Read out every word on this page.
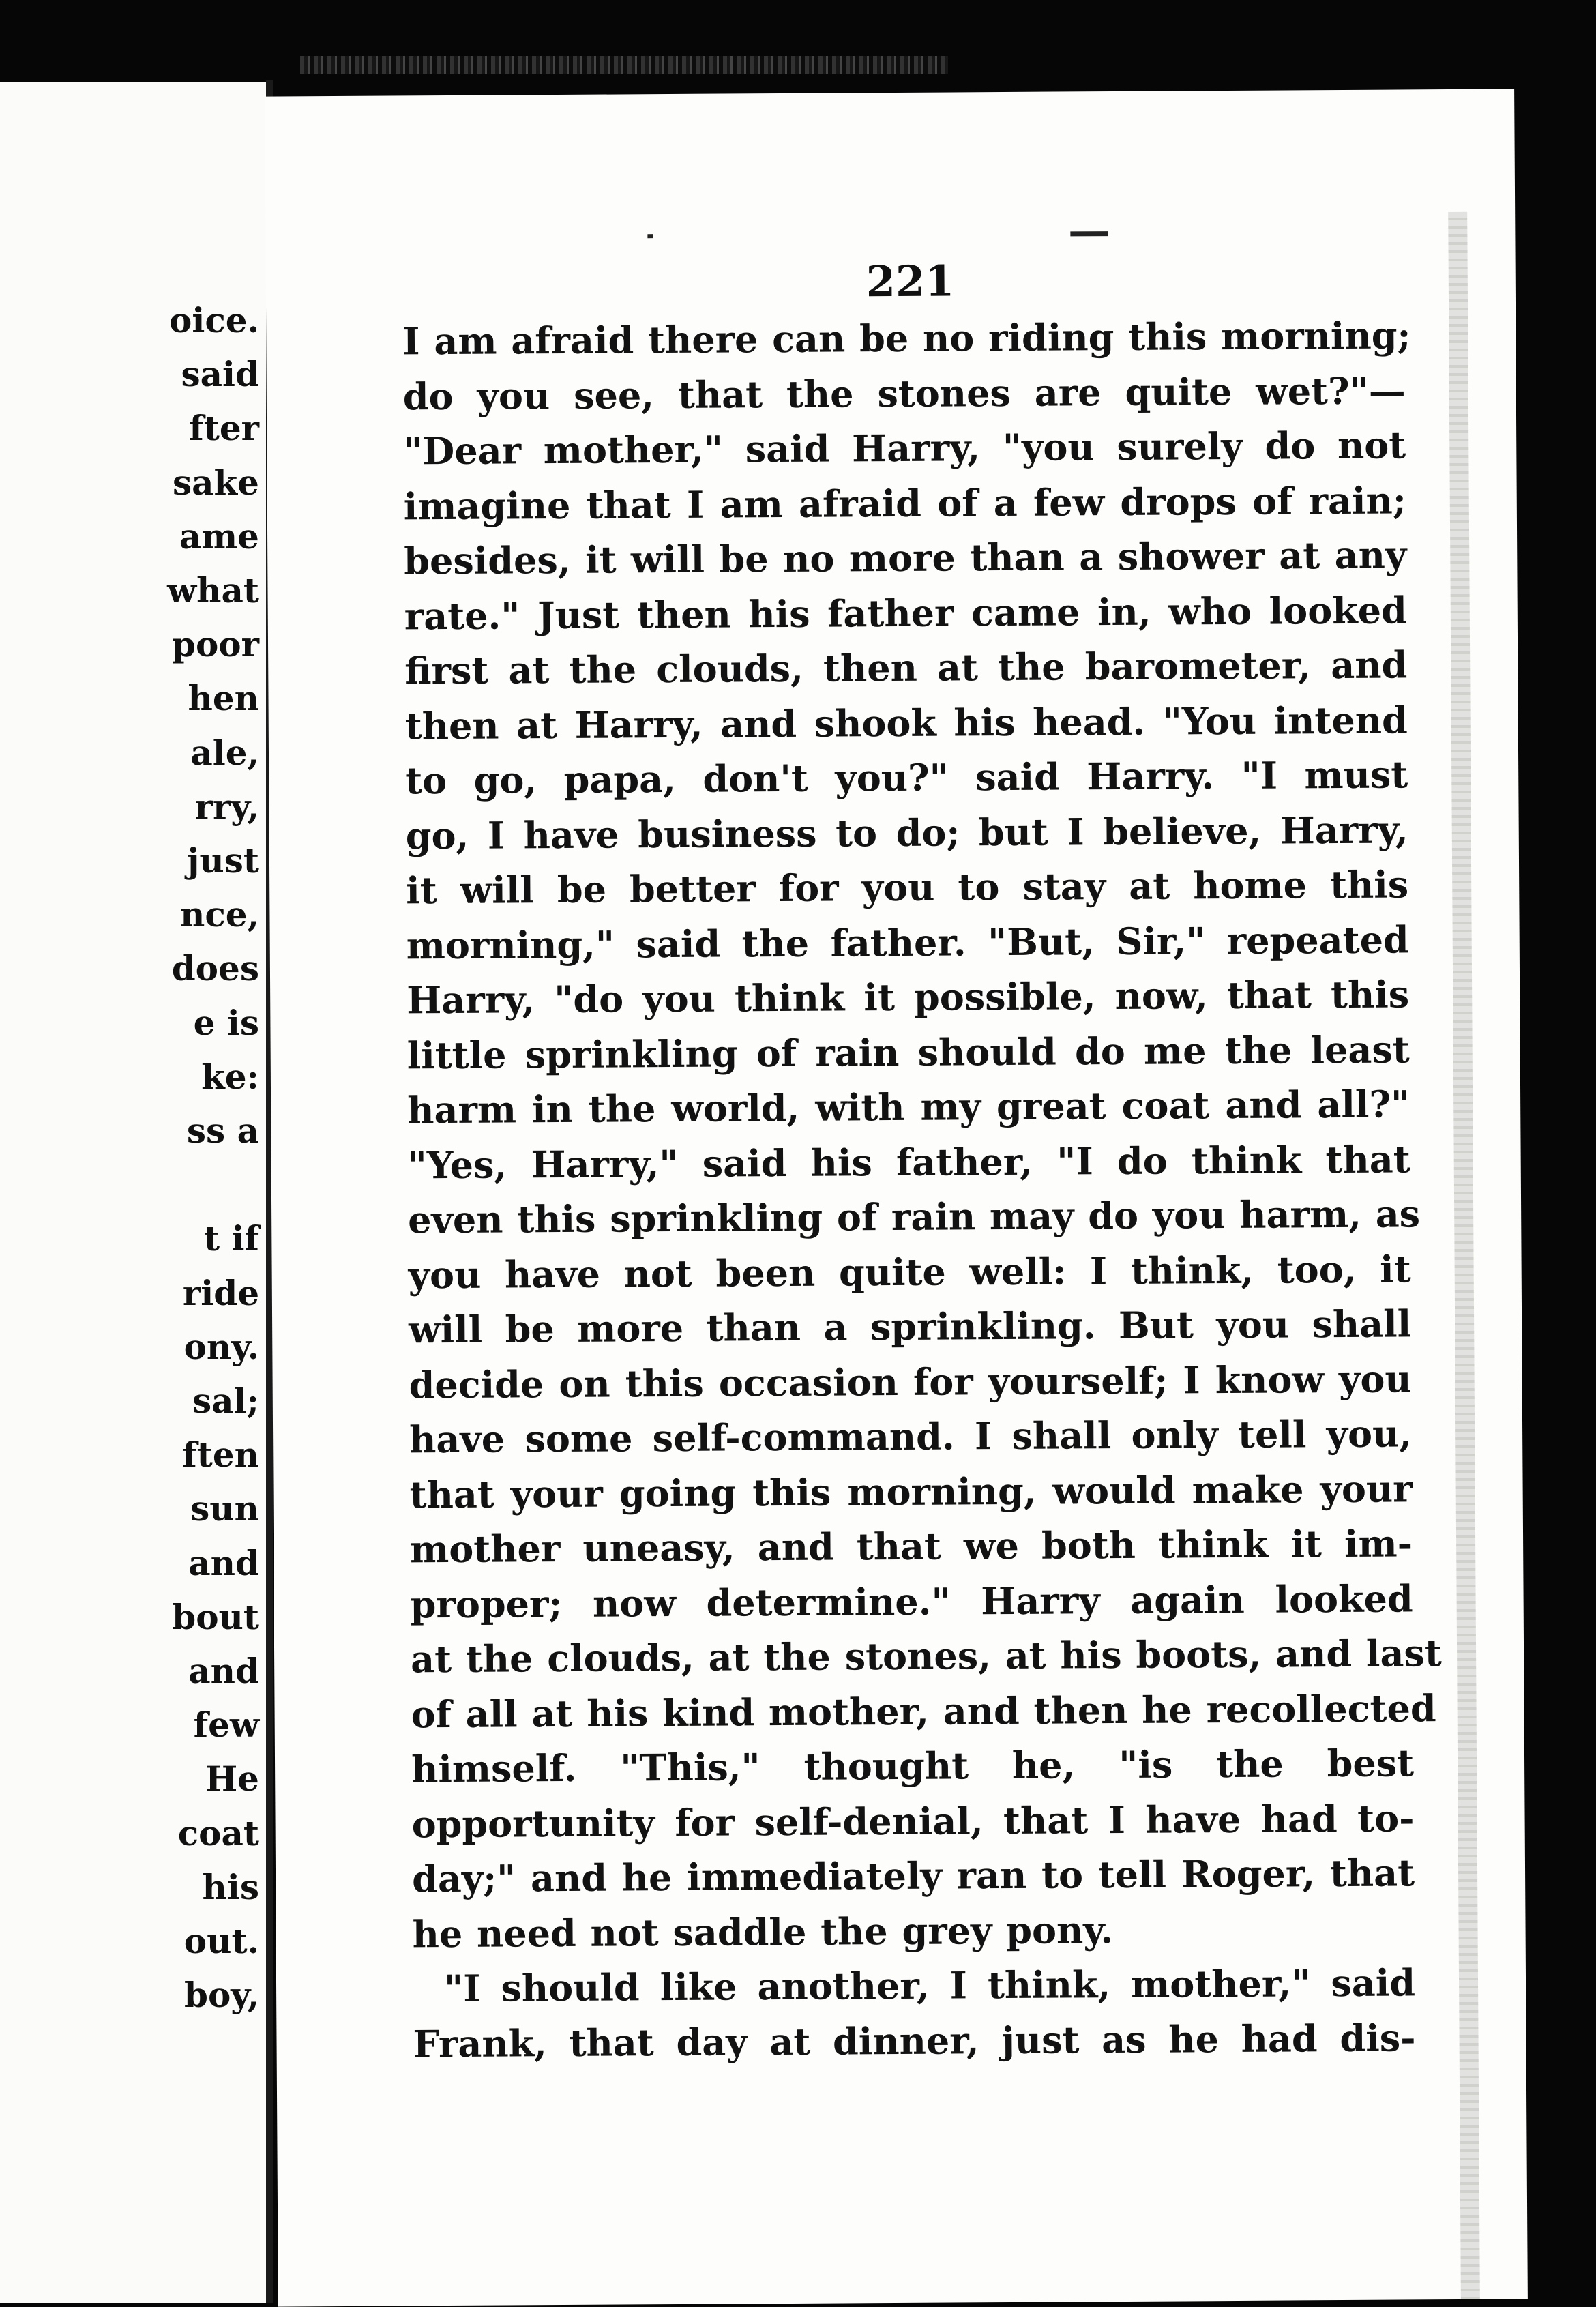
oice.
said
fter
sake
ame
what
poor
hen
ale,
rry,
just
nce,
does
e is
ke:
ss a

t if
ride
ony.
sal;
ften
sun
and
bout
and
few
He
coat
his
out.
boy,
221
I am afraid there can be no riding this morning;
do you see, that the stones are quite wet?"—
"Dear mother," said Harry, "you surely do not
imagine that I am afraid of a few drops of rain;
besides, it will be no more than a shower at any
rate." Just then his father came in, who looked
first at the clouds, then at the barometer, and
then at Harry, and shook his head. "You intend
to go, papa, don't you?" said Harry. "I must
go, I have business to do; but I believe, Harry,
it will be better for you to stay at home this
morning," said the father. "But, Sir," repeated
Harry, "do you think it possible, now, that this
little sprinkling of rain should do me the least
harm in the world, with my great coat and all?"
"Yes, Harry," said his father, "I do think that
even this sprinkling of rain may do you harm, as
you have not been quite well: I think, too, it
will be more than a sprinkling. But you shall
decide on this occasion for yourself; I know you
have some self-command. I shall only tell you,
that your going this morning, would make your
mother uneasy, and that we both think it im-
proper; now determine." Harry again looked
at the clouds, at the stones, at his boots, and last
of all at his kind mother, and then he recollected
himself. "This," thought he, "is the best
opportunity for self-denial, that I have had to-
day;" and he immediately ran to tell Roger, that
he need not saddle the grey pony.
"I should like another, I think, mother," said
Frank, that day at dinner, just as he had dis-
